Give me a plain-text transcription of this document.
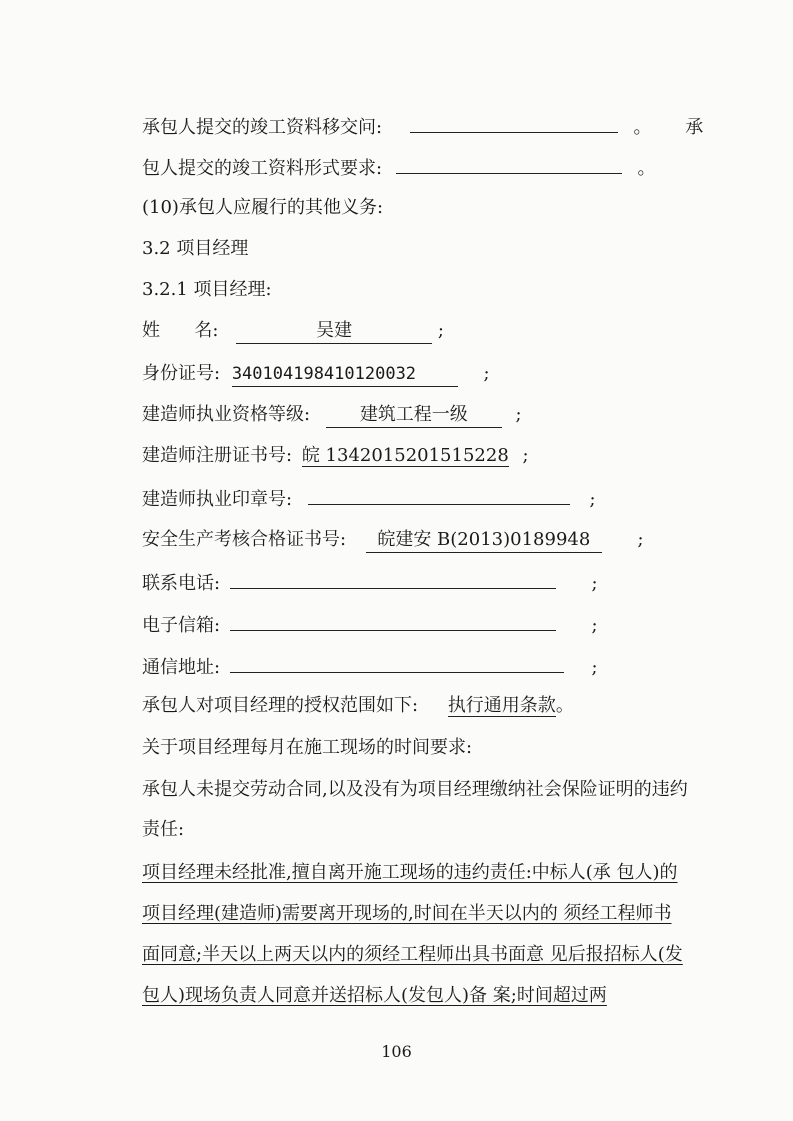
承包人提交的竣工资料移交问:	。 承
包人提交的竣工资料形式要求:	。
(10)承包人应履行的其他义务:
3.2 项目经理
3.2.1 项目经理:
姓      名:	吴建	;
身份证号: 340104198410120032	;
建造师执业资格等级:	建筑工程一级	;
建造师注册证书号: 皖 1342015201515228 ;
建造师执业印章号:	;
安全生产考核合格证书号: 皖建安 B(2013)0189948	;
联系电话:	;
电子信箱:	;
通信地址:	;
承包人对项目经理的授权范围如下: 执行通用条款。
关于项目经理每月在施工现场的时间要求:
承包人未提交劳动合同,以及没有为项目经理缴纳社会保险证明的违约责任:
项目经理未经批准,擅自离开施工现场的违约责任:中标人(承 包人)的项目经理(建造师)需要离开现场的,时间在半天以内的 须经工程师书面同意;半天以上两天以内的须经工程师出具书面意 见后报招标人(发包人)现场负责人同意并送招标人(发包人)备 案;时间超过两
106
